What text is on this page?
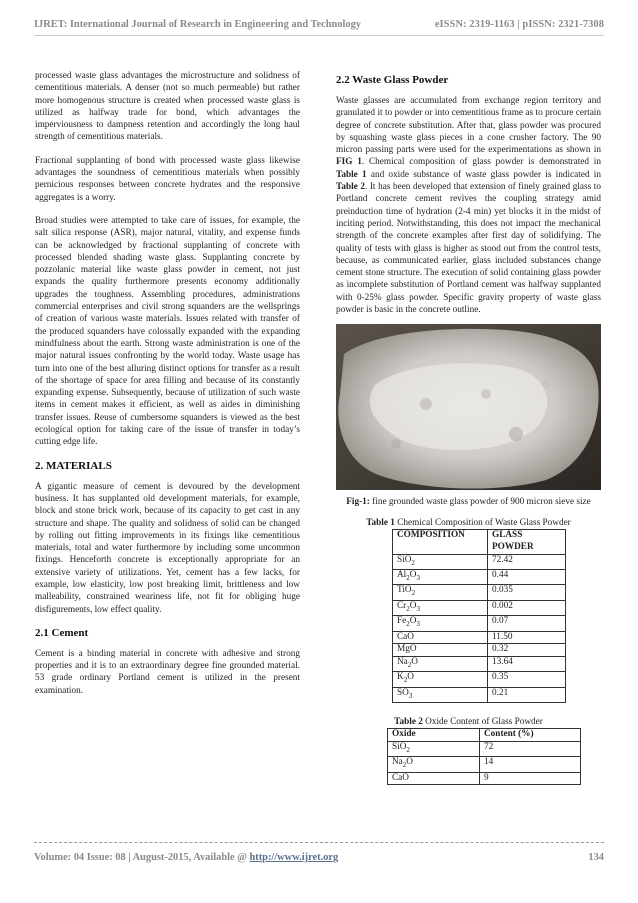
IJRET: International Journal of Research in Engineering and Technology	eISSN: 2319-1163 | pISSN: 2321-7308

processed waste glass advantages the microstructure and solidness of cementitious materials. A denser (not so much permeable) but rather more homogenous structure is created when processed waste glass is utilized as halfway trade for bond, which advantages the imperviousness to dampness retention and accordingly the long haul strength of cementitious materials.

Fractional supplanting of bond with processed waste glass likewise advantages the soundness of cementitious materials when possibly pernicious responses between concrete hydrates and the responsive aggregates is a worry.

Broad studies were attempted to take care of issues, for example, the salt silica response (ASR), major natural, vitality, and expense funds can be acknowledged by fractional supplanting of concrete with processed blended shading waste glass. Supplanting concrete by pozzolanic material like waste glass powder in cement, not just expands the quality furthermore presents economy additionally upgrades the toughness. Assembling procedures, administrations commercial enterprises and civil strong squanders are the wellsprings of creation of various waste materials. Issues related with transfer of the produced squanders have colossally expanded with the expanding mindfulness about the earth. Strong waste administration is one of the major natural issues confronting by the world today. Waste usage has turn into one of the best alluring distinct options for transfer as a result of the shortage of space for area filling and because of its constantly expanding expense. Subsequently, because of utilization of such waste items in cement makes it efficient, as well as aides in diminishing transfer issues. Reuse of cumbersome squanders is viewed as the best ecological option for taking care of the issue of transfer in today’s cutting edge life.

2. MATERIALS

A gigantic measure of cement is devoured by the development business. It has supplanted old development materials, for example, block and stone brick work, because of its capacity to get cast in any structure and shape. The quality and solidness of solid can be changed by rolling out fitting improvements in its fixings like cementitious materials, total and water furthermore by including some uncommon fixings. Henceforth concrete is exceptionally appropriate for an extensive variety of utilizations. Yet, cement has a few lacks, for example, low elasticity, low post breaking limit, brittleness and low malleability, constrained weariness life, not fit for obliging huge disfigurements, low effect quality.

2.1 Cement

Cement is a binding material in concrete with adhesive and strong properties and it is to an extraordinary degree fine grounded material. 53 grade ordinary Portland cement is utilized in the present examination.

2.2 Waste Glass Powder

Waste glasses are accumulated from exchange region territory and granulated it to powder or into cementitious frame as to procure certain degree of concrete substitution. After that, glass powder was procured by squashing waste glass pieces in a cone crusher factory. The 90 micron passing parts were used for the experimentations as shown in FIG 1. Chemical composition of glass powder is demonstrated in Table 1 and oxide substance of waste glass powder is indicated in Table 2. It has been developed that extension of finely grained glass to Portland concrete cement revives the coupling strategy amid preinduction time of hydration (2-4 min) yet blocks it in the midst of inciting period. Notwithstanding, this does not impact the mechanical strength of the concrete examples after first day of solidifying. The quality of tests with glass is higher as stood out from the control tests, because, as communicated earlier, glass included substances change cement stone structure. The execution of solid containing glass powder as incomplete substitution of Portland cement was halfway supplanted with 0-25% glass powder. Specific gravity property of waste glass powder is basic in the concrete outline.

Fig-1: fine grounded waste glass powder of 900 micron sieve size
Table 1 Chemical Composition of Waste Glass Powder
COMPOSITION	GLASS POWDER
SiO$_2$	72.42
$Al_2O_3$	0.44
TiO$_2$	0.035
$Cr_2O_3$	0.002
$Fe_2O_3$	0.07
CaO	11.50
MgO	0.32
$Na_2O$	13.64
$K_2O$	0.35
$SO_3$	0.21
Table 2 Oxide Content of Glass Powder
Oxide	Content (%)
SiO$_2$	72
$Na_2O$	14
CaO	9
Volume: 04 Issue: 08 | August-2015, Available @ http://www.ijret.org	134
